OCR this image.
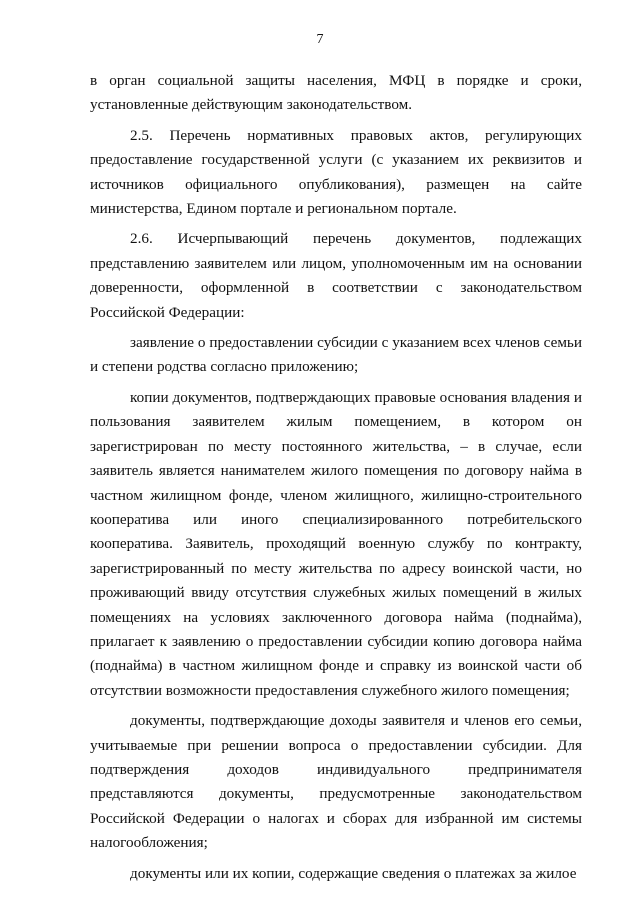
7

в орган социальной защиты населения, МФЦ в порядке и сроки, установленные действующим законодательством.

2.5. Перечень нормативных правовых актов, регулирующих предоставление государственной услуги (с указанием их реквизитов и источников официального опубликования), размещен на сайте министерства, Едином портале и региональном портале.

2.6. Исчерпывающий перечень документов, подлежащих представлению заявителем или лицом, уполномоченным им на основании доверенности, оформленной в соответствии с законодательством Российской Федерации:

заявление о предоставлении субсидии с указанием всех членов семьи и степени родства согласно приложению;

копии документов, подтверждающих правовые основания владения и пользования заявителем жилым помещением, в котором он зарегистрирован по месту постоянного жительства, – в случае, если заявитель является нанимателем жилого помещения по договору найма в частном жилищном фонде, членом жилищного, жилищно-строительного кооператива или иного специализированного потребительского кооператива. Заявитель, проходящий военную службу по контракту, зарегистрированный по месту жительства по адресу воинской части, но проживающий ввиду отсутствия служебных жилых помещений в жилых помещениях на условиях заключенного договора найма (поднайма), прилагает к заявлению о предоставлении субсидии копию договора найма (поднайма) в частном жилищном фонде и справку из воинской части об отсутствии возможности предоставления служебного жилого помещения;

документы, подтверждающие доходы заявителя и членов его семьи, учитываемые при решении вопроса о предоставлении субсидии. Для подтверждения доходов индивидуального предпринимателя представляются документы, предусмотренные законодательством Российской Федерации о налогах и сборах для избранной им системы налогообложения;

документы или их копии, содержащие сведения о платежах за жилое
